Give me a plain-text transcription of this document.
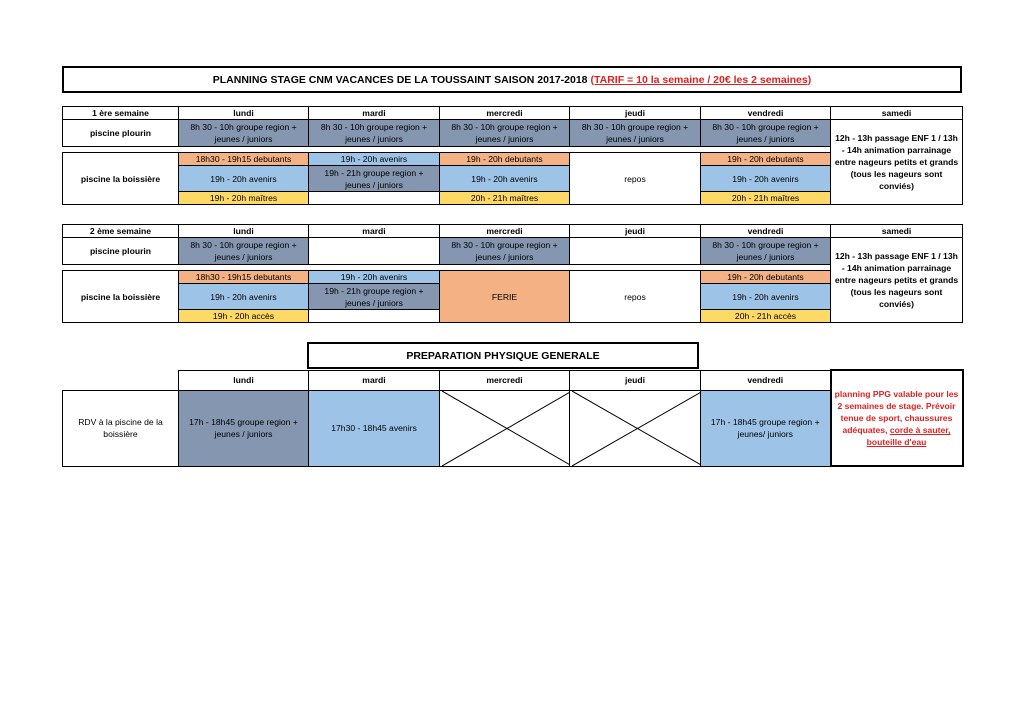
PLANNING STAGE CNM VACANCES DE LA TOUSSAINT SAISON 2017-2018 (TARIF = 10 la semaine / 20€ les 2 semaines)
1 ère semaine	lundi	mardi	mercredi	jeudi	vendredi	samedi
piscine plourin	8h 30 - 10h groupe region + jeunes / juniors	8h 30 - 10h groupe region + jeunes / juniors	8h 30 - 10h groupe region + jeunes / juniors	8h 30 - 10h groupe region + jeunes / juniors	8h 30 - 10h groupe region + jeunes / juniors	12h - 13h passage ENF 1 / 13h - 14h animation parrainage entre nageurs petits et grands (tous les nageurs sont conviés)

piscine la boissière	18h30 - 19h15 debutants	19h - 20h avenirs	19h - 20h debutants	repos	19h - 20h debutants	
	19h - 20h avenirs	19h - 21h groupe region + jeunes / juniors	19h - 20h avenirs		19h - 20h avenirs	
	19h - 20h maîtres		20h - 21h maîtres		20h - 21h maîtres	
2 ème semaine	lundi	mardi	mercredi	jeudi	vendredi	samedi
piscine plourin	8h 30 - 10h groupe region + jeunes / juniors		8h 30 - 10h groupe region + jeunes / juniors		8h 30 - 10h groupe region + jeunes / juniors	12h - 13h passage ENF 1 / 13h - 14h animation parrainage entre nageurs petits et grands (tous les nageurs sont conviés)

piscine la boissière	18h30 - 19h15 debutants	19h - 20h avenirs	FERIE	repos	19h - 20h debutants	
	19h - 20h avenirs	19h - 21h groupe region + jeunes / juniors			19h - 20h avenirs	
	19h - 20h accès				20h - 21h accès	
PREPARATION PHYSIQUE GENERALE
	lundi	mardi	mercredi	jeudi	vendredi	planning PPG valable pour les 2 semaines de stage. Prévoir tenue de sport, chaussures adéquates, corde à sauter, bouteille d'eau
RDV à la piscine de la boissière	17h - 18h45 groupe region + jeunes / juniors	17h30 - 18h45 avenirs			17h - 18h45 groupe region + jeunes/ juniors	
